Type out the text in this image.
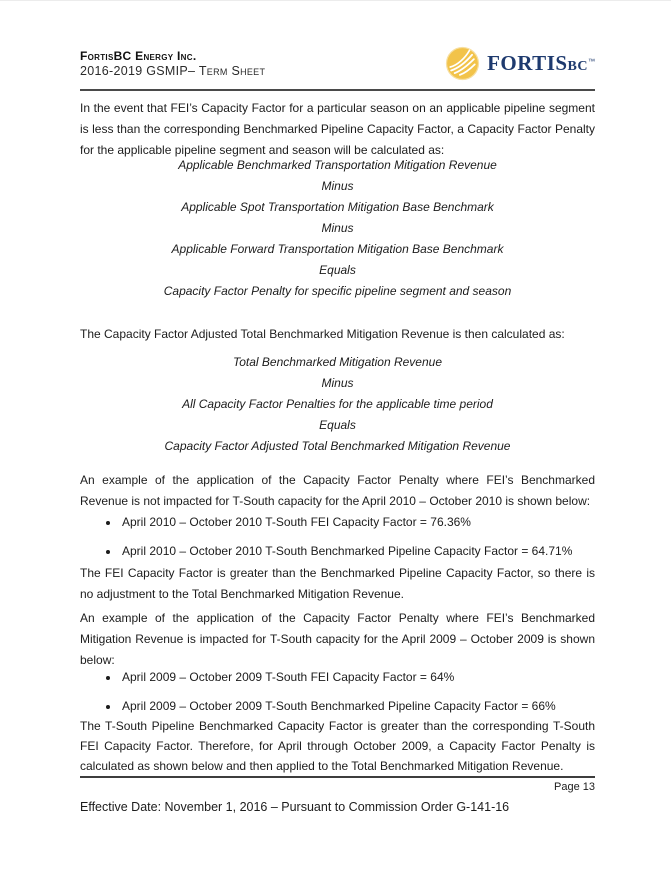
FortisBC Energy Inc.
2016-2019 GSMIP– Term Sheet	FORTISBC™

In the event that FEI’s Capacity Factor for a particular season on an applicable pipeline segment is less than the corresponding Benchmarked Pipeline Capacity Factor, a Capacity Factor Penalty for the applicable pipeline segment and season will be calculated as:

Applicable Benchmarked Transportation Mitigation Revenue
Minus
Applicable Spot Transportation Mitigation Base Benchmark
Minus
Applicable Forward Transportation Mitigation Base Benchmark
Equals
Capacity Factor Penalty for specific pipeline segment and season

The Capacity Factor Adjusted Total Benchmarked Mitigation Revenue is then calculated as:

Total Benchmarked Mitigation Revenue
Minus
All Capacity Factor Penalties for the applicable time period
Equals
Capacity Factor Adjusted Total Benchmarked Mitigation Revenue

An example of the application of the Capacity Factor Penalty where FEI’s Benchmarked Revenue is not impacted for T-South capacity for the April 2010 – October 2010 is shown below:

• April 2010 – October 2010 T-South FEI Capacity Factor = 76.36%
• April 2010 – October 2010 T-South Benchmarked Pipeline Capacity Factor = 64.71%

The FEI Capacity Factor is greater than the Benchmarked Pipeline Capacity Factor, so there is no adjustment to the Total Benchmarked Mitigation Revenue.

An example of the application of the Capacity Factor Penalty where FEI’s Benchmarked Mitigation Revenue is impacted for T-South capacity for the April 2009 – October 2009 is shown below:

• April 2009 – October 2009 T-South FEI Capacity Factor = 64%
• April 2009 – October 2009 T-South Benchmarked Pipeline Capacity Factor = 66%

The T-South Pipeline Benchmarked Capacity Factor is greater than the corresponding T-South FEI Capacity Factor. Therefore, for April through October 2009, a Capacity Factor Penalty is calculated as shown below and then applied to the Total Benchmarked Mitigation Revenue.

Page 13
Effective Date: November 1, 2016 – Pursuant to Commission Order G-141-16
